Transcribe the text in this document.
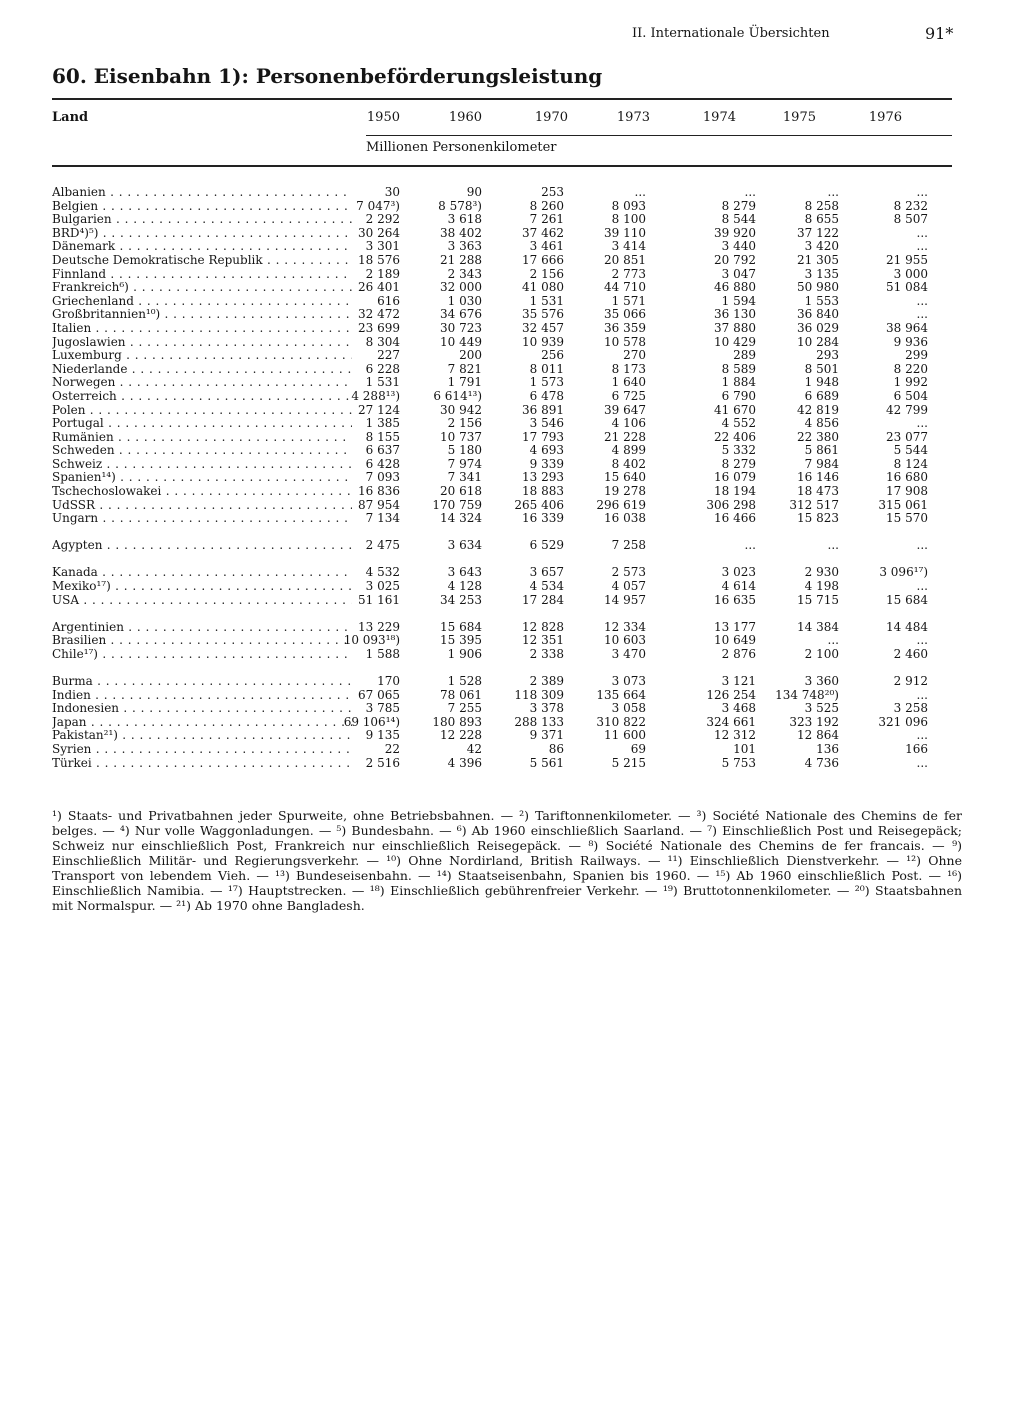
II. Internationale Übersichten	91*
60. Eisenbahn 1): Personenbeförderungsleistung
Land	1950	1960	1970	1973	1974	1975	1976
Millionen Personenkilometer
Albanien . . .	30	90	253	...	...	...	...
Belgien . . .	7 047³)	8 578³)	8 260	8 093	8 279	8 258	8 232
Bulgarien . . .	2 292	3 618	7 261	8 100	8 544	8 655	8 507
BRD⁴)⁵) . . .	30 264	38 402	37 462	39 110	39 920	37 122	...
Dänemark . . .	3 301	3 363	3 461	3 414	3 440	3 420	...
Deutsche Demokratische Republik . . .	18 576	21 288	17 666	20 851	20 792	21 305	21 955
Finnland . . .	2 189	2 343	2 156	2 773	3 047	3 135	3 000
Frankreich⁶) . . .	26 401	32 000	41 080	44 710	46 880	50 980	51 084
Griechenland . . .	616	1 030	1 531	1 571	1 594	1 553	...
Großbritannien¹⁰) . . .	32 472	34 676	35 576	35 066	36 130	36 840	...
Italien . . .	23 699	30 723	32 457	36 359	37 880	36 029	38 964
Jugoslawien . . .	8 304	10 449	10 939	10 578	10 429	10 284	9 936
Luxemburg . . .	227	200	256	270	289	293	299
Niederlande . . .	6 228	7 821	8 011	8 173	8 589	8 501	8 220
Norwegen . . .	1 531	1 791	1 573	1 640	1 884	1 948	1 992
Österreich . . .	4 288¹³)	6 614¹³)	6 478	6 725	6 790	6 689	6 504
Polen . . .	27 124	30 942	36 891	39 647	41 670	42 819	42 799
Portugal . . .	1 385	2 156	3 546	4 106	4 552	4 856	...
Rumänien . . .	8 155	10 737	17 793	21 228	22 406	22 380	23 077
Schweden . . .	6 637	5 180	4 693	4 899	5 332	5 861	5 544
Schweiz . . .	6 428	7 974	9 339	8 402	8 279	7 984	8 124
Spanien¹⁴) . . .	7 093	7 341	13 293	15 640	16 079	16 146	16 680
Tschechoslowakei . . .	16 836	20 618	18 883	19 278	18 194	18 473	17 908
UdSSR . . .	87 954	170 759	265 406	296 619	306 298	312 517	315 061
Ungarn . . .	7 134	14 324	16 339	16 038	16 466	15 823	15 570
Ägypten . . .	2 475	3 634	6 529	7 258	...	...	...
Kanada . . .	4 532	3 643	3 657	2 573	3 023	2 930	3 096¹⁷)
Mexiko¹⁷) . . .	3 025	4 128	4 534	4 057	4 614	4 198	...
USA . . .	51 161	34 253	17 284	14 957	16 635	15 715	15 684
Argentinien . . .	13 229	15 684	12 828	12 334	13 177	14 384	14 484
Brasilien . . .	10 093¹⁸)	15 395	12 351	10 603	10 649	...	...
Chile¹⁷) . . .	1 588	1 906	2 338	3 470	2 876	2 100	2 460
Burma . . .	170	1 528	2 389	3 073	3 121	3 360	2 912
Indien . . .	67 065	78 061	118 309	135 664	126 254	134 748²⁰)	...
Indonesien . . .	3 785	7 255	3 378	3 058	3 468	3 525	3 258
Japan . . .	69 106¹⁴)	180 893	288 133	310 822	324 661	323 192	321 096
Pakistan²¹) . . .	9 135	12 228	9 371	11 600	12 312	12 864	...
Syrien . . .	22	42	86	69	101	136	166
Türkei . . .	2 516	4 396	5 561	5 215	5 753	4 736	...

¹) Staats- und Privatbahnen jeder Spurweite, ohne Betriebsbahnen. — ²) Tariftonnenkilometer. — ³) Société Nationale des Chemins de fer belges. — ⁴) Nur volle Waggonladungen. — ⁵) Bundesbahn. — ⁶) Ab 1960 einschließlich Saarland. — ⁷) Einschließlich Post und Reisegepäck; Schweiz nur einschließlich Post, Frankreich nur einschließlich Reisegepäck. — ⁸) Société Nationale des Chemins de fer francais. — ⁹) Einschließlich Militär- und Regierungsverkehr. — ¹⁰) Ohne Nordirland, British Railways. — ¹¹) Einschließlich Dienstverkehr. — ¹²) Ohne Transport von lebendem Vieh. — ¹³) Bundeseisenbahn. — ¹⁴) Staatseisenbahn, Spanien bis 1960. — ¹⁵) Ab 1960 einschließlich Post. — ¹⁶) Einschließlich Namibia. — ¹⁷) Hauptstrecken. — ¹⁸) Einschließlich gebührenfreier Verkehr. — ¹⁹) Bruttotonnenkilometer. — ²⁰) Staatsbahnen mit Normalspur. — ²¹) Ab 1970 ohne Bangladesh.
